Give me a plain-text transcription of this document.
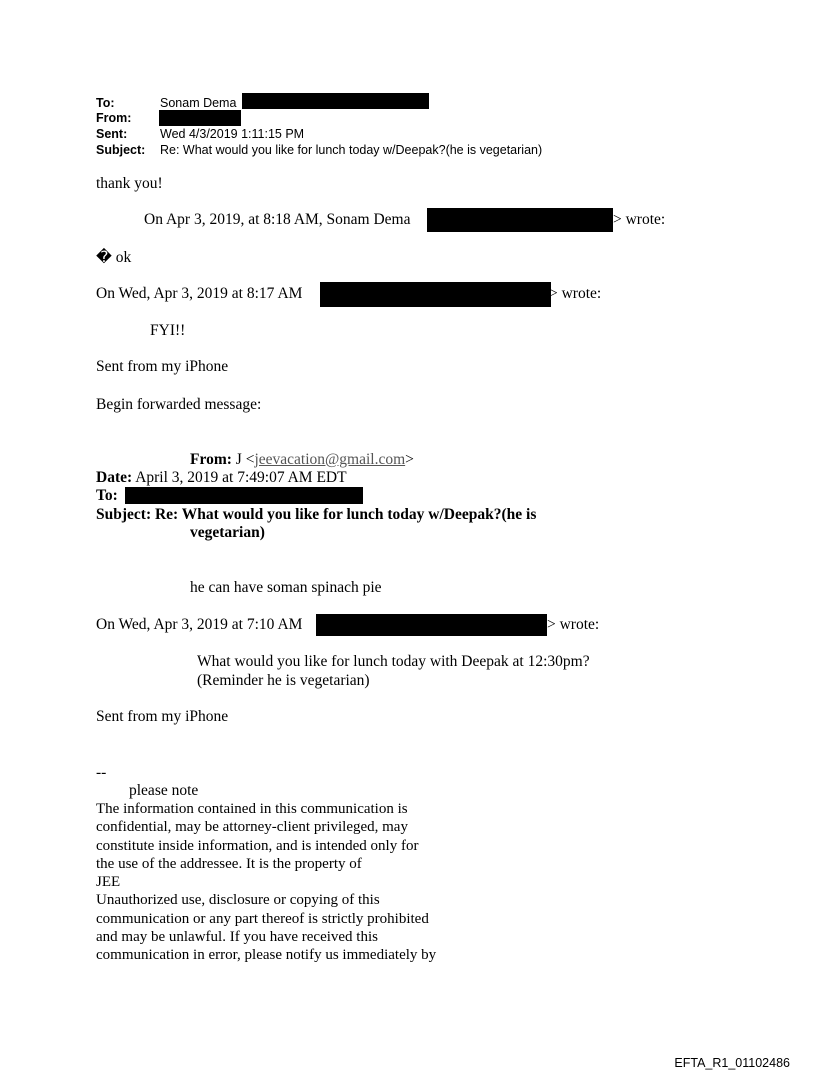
To:	Sonam Dema
From:
Sent:	Wed 4/3/2019 1:11:15 PM
Subject: Re: What would you like for lunch today w/Deepak?(he is vegetarian)
thank you!
On Apr 3, 2019, at 8:18 AM, Sonam Dema	> wrote:
� ok
On Wed, Apr 3, 2019 at 8:17 AM	> wrote:
FYI!!
Sent from my iPhone
Begin forwarded message:
From: J <jeevacation@gmail.com>
Date: April 3, 2019 at 7:49:07 AM EDT
To:
Subject: Re: What would you like for lunch today w/Deepak?(he is
vegetarian)
he can have soman spinach pie
On Wed, Apr 3, 2019 at 7:10 AM	> wrote:
What would you like for lunch today with Deepak at 12:30pm?
(Reminder he is vegetarian)
Sent from my iPhone
--
please note
The information contained in this communication is
confidential, may be attorney-client privileged, may
constitute inside information, and is intended only for
the use of the addressee. It is the property of
JEE
Unauthorized use, disclosure or copying of this
communication or any part thereof is strictly prohibited
and may be unlawful. If you have received this
communication in error, please notify us immediately by
EFTA_R1_01102486
